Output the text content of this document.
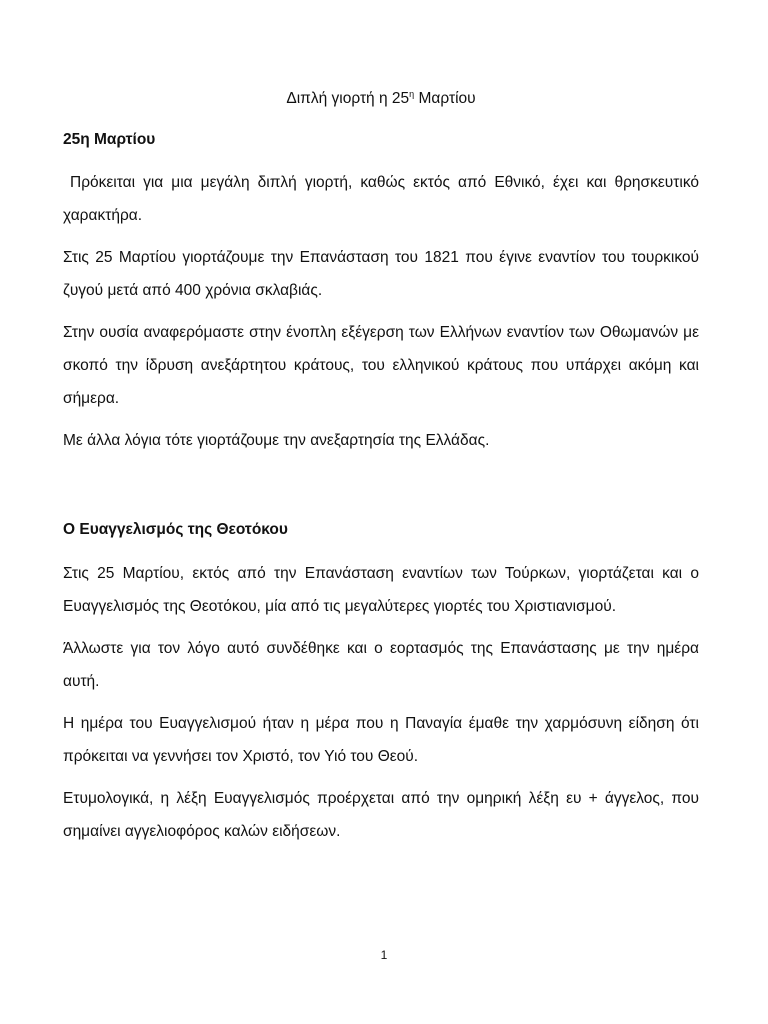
Διπλή γιορτή η $25^\eta$ Μαρτίου

25η Μαρτίου

Πρόκειται για μια μεγάλη διπλή γιορτή, καθώς εκτός από Εθνικό, έχει και θρησκευτικό χαρακτήρα.

Στις 25 Μαρτίου γιορτάζουμε την Επανάσταση του 1821 που έγινε εναντίον του τουρκικού ζυγού μετά από 400 χρόνια σκλαβιάς.

Στην ουσία αναφερόμαστε στην ένοπλη εξέγερση των Ελλήνων εναντίον των Οθωμανών με σκοπό την ίδρυση ανεξάρτητου κράτους, του ελληνικού κράτους που υπάρχει ακόμη και σήμερα.

Με άλλα λόγια τότε γιορτάζουμε την ανεξαρτησία της Ελλάδας.

Ο Ευαγγελισμός της Θεοτόκου

Στις 25 Μαρτίου, εκτός από την Επανάσταση εναντίων των Τούρκων, γιορτάζεται και ο Ευαγγελισμός της Θεοτόκου, μία από τις μεγαλύτερες γιορτές του Χριστιανισμού.

Άλλωστε για τον λόγο αυτό συνδέθηκε και ο εορτασμός της Επανάστασης με την ημέρα αυτή.

Η ημέρα του Ευαγγελισμού ήταν η μέρα που η Παναγία έμαθε την χαρμόσυνη είδηση ότι πρόκειται να γεννήσει τον Χριστό, τον Υιό του Θεού.

Ετυμολογικά, η λέξη Ευαγγελισμός προέρχεται από την ομηρική λέξη ευ + άγγελος, που σημαίνει αγγελιοφόρος καλών ειδήσεων.

1
